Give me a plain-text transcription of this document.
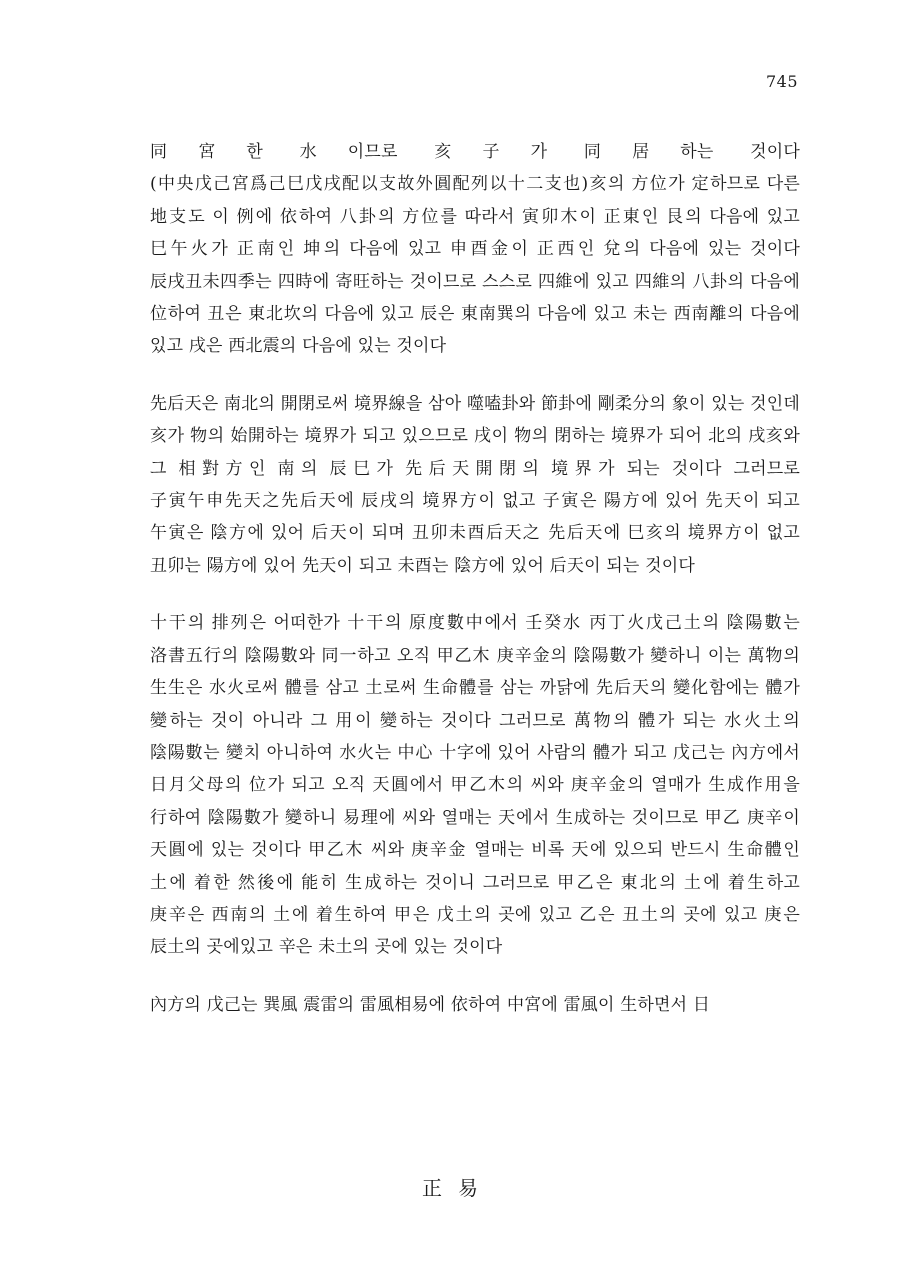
745

同宮한 水이므로 亥子가 同居하는 것이다(中央戊己宮爲己巳戊戌配以支故外圓配列以十二支也)亥의 方位가 定하므로 다른 地支도 이 例에 依하여 八卦의 方位를 따라서 寅卯木이 正東인 艮의 다음에 있고 巳午火가 正南인 坤의 다음에 있고 申酉金이 正西인 兌의 다음에 있는 것이다 辰戌丑未四季는 四時에 寄旺하는 것이므로 스스로 四維에 있고 四維의 八卦의 다음에 位하여 丑은 東北坎의 다음에 있고 辰은 東南巽의 다음에 있고 未는 西南離의 다음에 있고 戌은 西北震의 다음에 있는 것이다

先后天은 南北의 開閉로써 境界線을 삼아 噬嗑卦와 節卦에 剛柔分의 象이 있는 것인데 亥가 物의 始開하는 境界가 되고 있으므로 戌이 物의 閉하는 境界가 되어 北의 戌亥와 그 相對方인 南의 辰巳가 先后天開閉의 境界가 되는 것이다 그러므로 子寅午申先天之先后天에 辰戌의 境界方이 없고 子寅은 陽方에 있어 先天이 되고 午寅은 陰方에 있어 后天이 되며 丑卯未酉后天之 先后天에 巳亥의 境界方이 없고 丑卯는 陽方에 있어 先天이 되고 未酉는 陰方에 있어 后天이 되는 것이다

十干의 排列은 어떠한가 十干의 原度數中에서 壬癸水 丙丁火戊己土의 陰陽數는 洛書五行의 陰陽數와 同一하고 오직 甲乙木 庚辛金의 陰陽數가 變하니 이는 萬物의 生生은 水火로써 體를 삼고 土로써 生命體를 삼는 까닭에 先后天의 變化함에는 體가 變하는 것이 아니라 그 用이 變하는 것이다 그러므로 萬物의 體가 되는 水火土의 陰陽數는 變치 아니하여 水火는 中心 十字에 있어 사람의 體가 되고 戊己는 內方에서 日月父母의 位가 되고 오직 天圓에서 甲乙木의 씨와 庚辛金의 열매가 生成作用을 行하여 陰陽數가 變하니 易理에 씨와 열매는 天에서 生成하는 것이므로 甲乙 庚辛이 天圓에 있는 것이다 甲乙木 씨와 庚辛金 열매는 비록 天에 있으되 반드시 生命體인 土에 着한 然後에 能히 生成하는 것이니 그러므로 甲乙은 東北의 土에 着生하고 庚辛은 西南의 土에 着生하여 甲은 戊土의 곳에 있고 乙은 丑土의 곳에 있고 庚은 辰土의 곳에있고 辛은 未土의 곳에 있는 것이다

內方의 戊己는 巽風 震雷의 雷風相易에 依하여 中宮에 雷風이 生하면서 日

正易
